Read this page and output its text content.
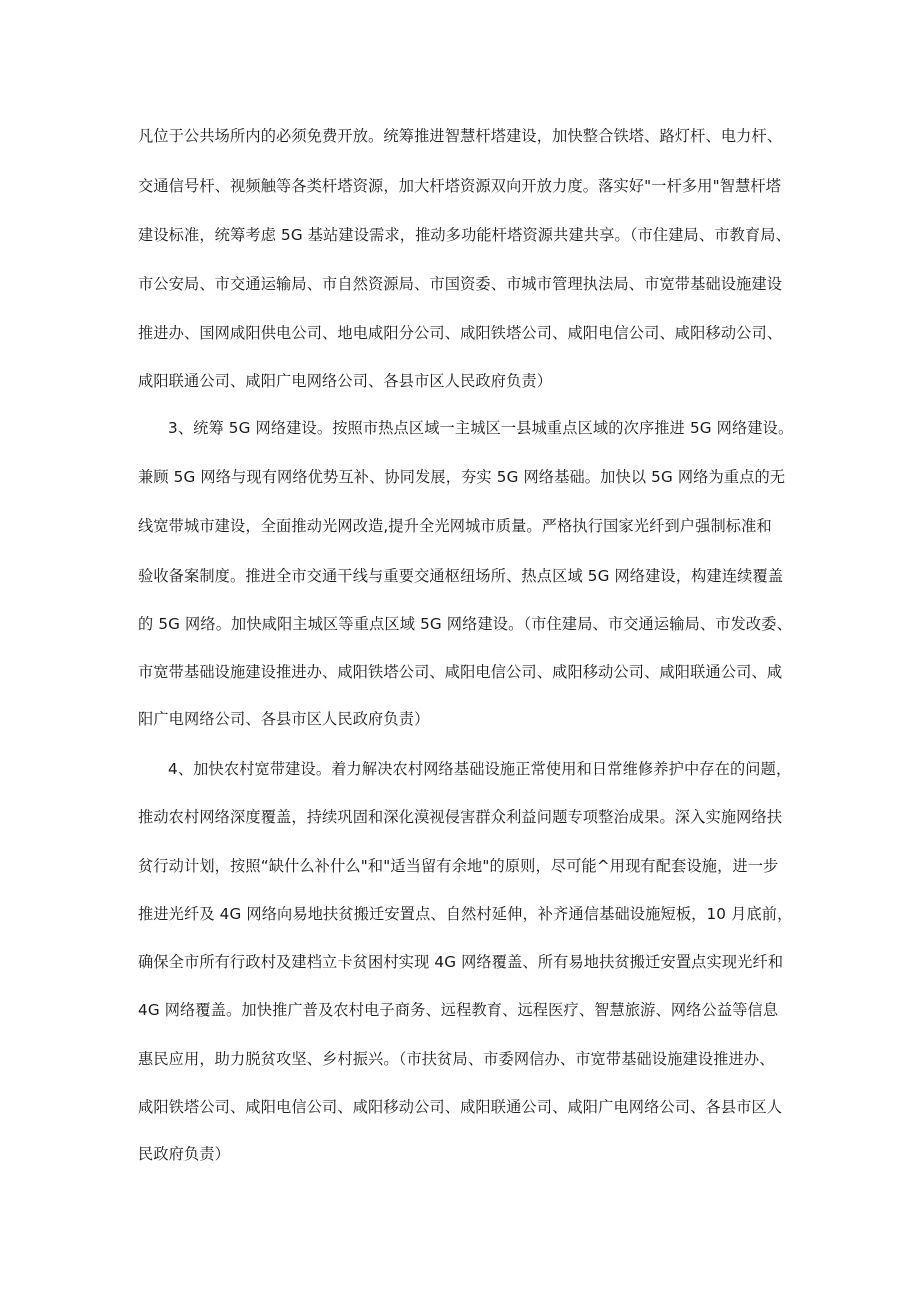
凡位于公共场所内的必须免费开放。统筹推进智慧杆塔建设，加快整合铁塔、路灯杆、电力杆、
交通信号杆、视频触等各类杆塔资源，加大杆塔资源双向开放力度。落实好"一杆多用"智慧杆塔
建设标准，统筹考虑 5G 基站建设需求，推动多功能杆塔资源共建共享。（市住建局、市教育局、
市公安局、市交通运输局、市自然资源局、市国资委、市城市管理执法局、市宽带基础设施建设
推进办、国网咸阳供电公司、地电咸阳分公司、咸阳铁塔公司、咸阳电信公司、咸阳移动公司、
咸阳联通公司、咸阳广电网络公司、各县市区人民政府负责）
3、统筹 5G 网络建设。按照市热点区域一主城区一县城重点区域的次序推进 5G 网络建设。
兼顾 5G 网络与现有网络优势互补、协同发展，夯实 5G 网络基础。加快以 5G 网络为重点的无
线宽带城市建设，全面推动光网改造,提升全光网城市质量。严格执行国家光纤到户强制标准和
验收备案制度。推进全市交通干线与重要交通枢纽场所、热点区域 5G 网络建设，构建连续覆盖
的 5G 网络。加快咸阳主城区等重点区域 5G 网络建设。（市住建局、市交通运输局、市发改委、
市宽带基础设施建设推进办、咸阳铁塔公司、咸阳电信公司、咸阳移动公司、咸阳联通公司、咸
阳广电网络公司、各县市区人民政府负责）
4、加快农村宽带建设。着力解决农村网络基础设施正常使用和日常维修养护中存在的问题，
推动农村网络深度覆盖，持续巩固和深化漠视侵害群众利益问题专项整治成果。深入实施网络扶
贫行动计划，按照“缺什么补什么"和"适当留有余地"的原则，尽可能^用现有配套设施，进一步
推进光纤及 4G 网络向易地扶贫搬迁安置点、自然村延伸，补齐通信基础设施短板，10 月底前，
确保全市所有行政村及建档立卡贫困村实现 4G 网络覆盖、所有易地扶贫搬迁安置点实现光纤和
4G 网络覆盖。加快推广普及农村电子商务、远程教育、远程医疗、智慧旅游、网络公益等信息
惠民应用，助力脱贫攻坚、乡村振兴。（市扶贫局、市委网信办、市宽带基础设施建设推进办、
咸阳铁塔公司、咸阳电信公司、咸阳移动公司、咸阳联通公司、咸阳广电网络公司、各县市区人
民政府负责）
